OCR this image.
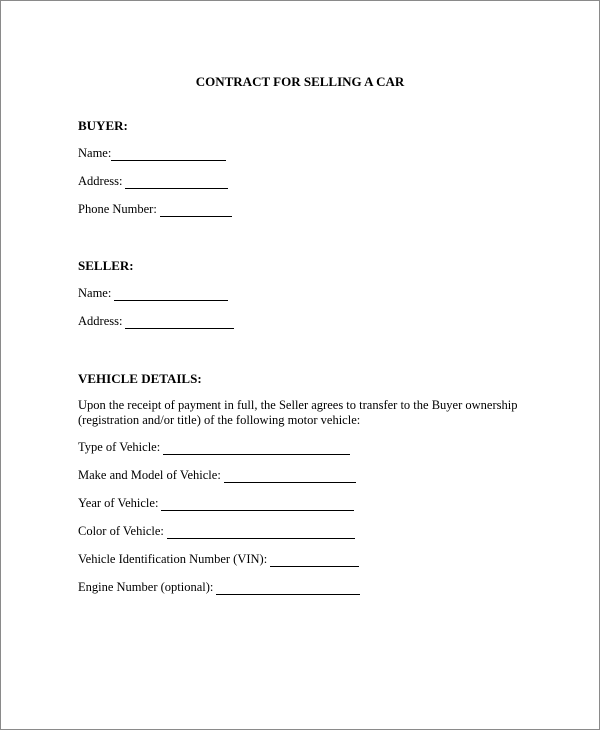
CONTRACT FOR SELLING A CAR
BUYER:
Name:
Address:
Phone Number:
SELLER:
Name:
Address:
VEHICLE DETAILS:
Upon the receipt of payment in full, the Seller agrees to transfer to the Buyer ownership (registration and/or title) of the following motor vehicle:
Type of Vehicle:
Make and Model of Vehicle:
Year of Vehicle:
Color of Vehicle:
Vehicle Identification Number (VIN):
Engine Number (optional):
